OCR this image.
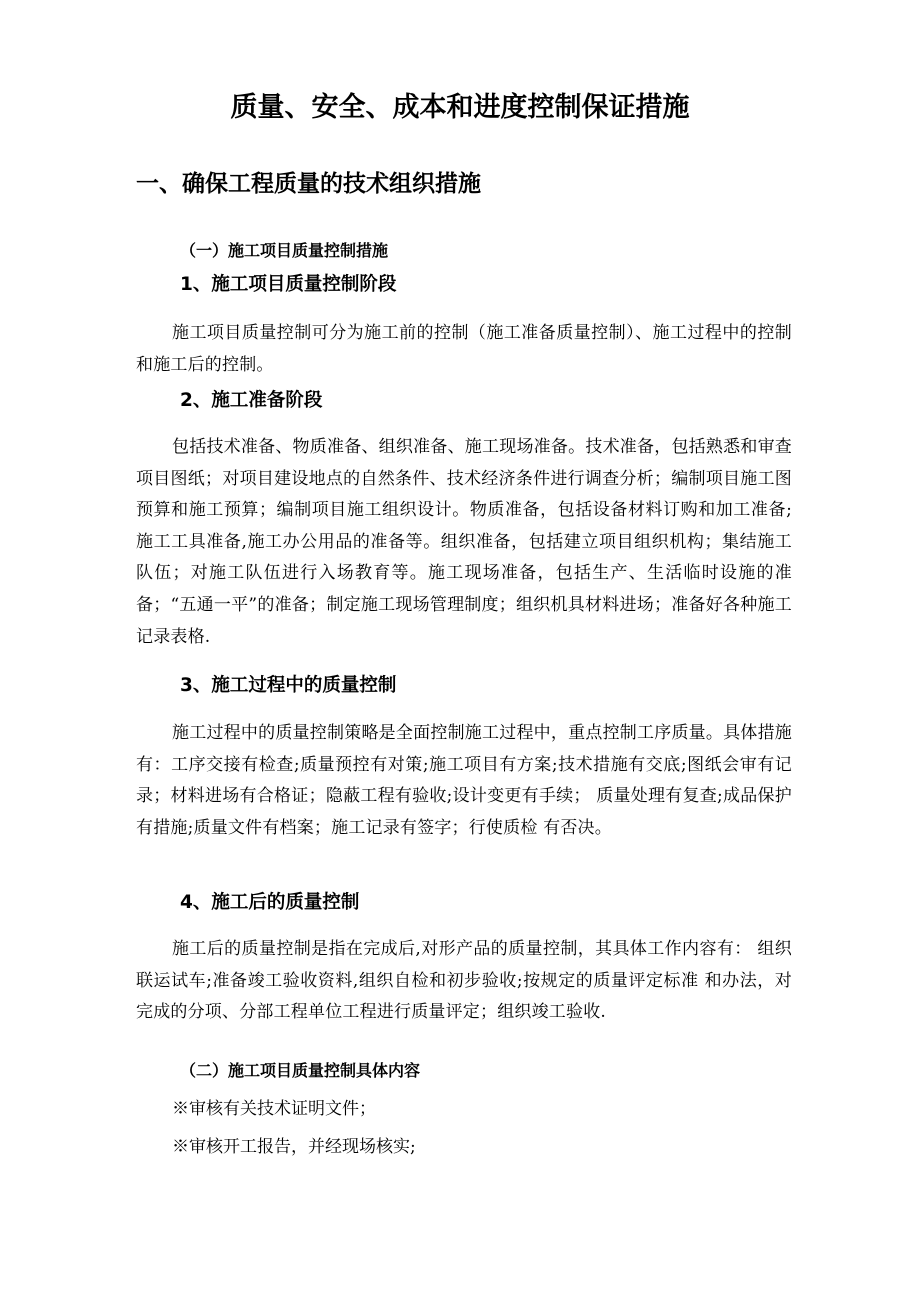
质量、安全、成本和进度控制保证措施
一、确保工程质量的技术组织措施
（一）施工项目质量控制措施
1、施工项目质量控制阶段

施工项目质量控制可分为施工前的控制（施工准备质量控制）、施工过程中的控制和施工后的控制。

2、施工准备阶段

包括技术准备、物质准备、组织准备、施工现场准备。技术准备，包括熟悉和审查项目图纸；对项目建设地点的自然条件、技术经济条件进行调查分析；编制项目施工图预算和施工预算；编制项目施工组织设计。物质准备，包括设备材料订购和加工准备;施工工具准备,施工办公用品的准备等。组织准备，包括建立项目组织机构；集结施工队伍；对施工队伍进行入场教育等。施工现场准备，包括生产、生活临时设施的准备；“五通一平”的准备；制定施工现场管理制度；组织机具材料进场；准备好各种施工记录表格.

3、施工过程中的质量控制

施工过程中的质量控制策略是全面控制施工过程中，重点控制工序质量。具体措施有：工序交接有检查;质量预控有对策;施工项目有方案;技术措施有交底;图纸会审有记录；材料进场有合格证；隐蔽工程有验收;设计变更有手续； 质量处理有复查;成品保护有措施;质量文件有档案；施工记录有签字；行使质检 有否决。

4、施工后的质量控制

施工后的质量控制是指在完成后,对形产品的质量控制，其具体工作内容有： 组织联运试车;准备竣工验收资料,组织自检和初步验收;按规定的质量评定标准 和办法，对完成的分项、分部工程单位工程进行质量评定；组织竣工验收.

（二）施工项目质量控制具体内容

※审核有关技术证明文件；

※审核开工报告，并经现场核实;
